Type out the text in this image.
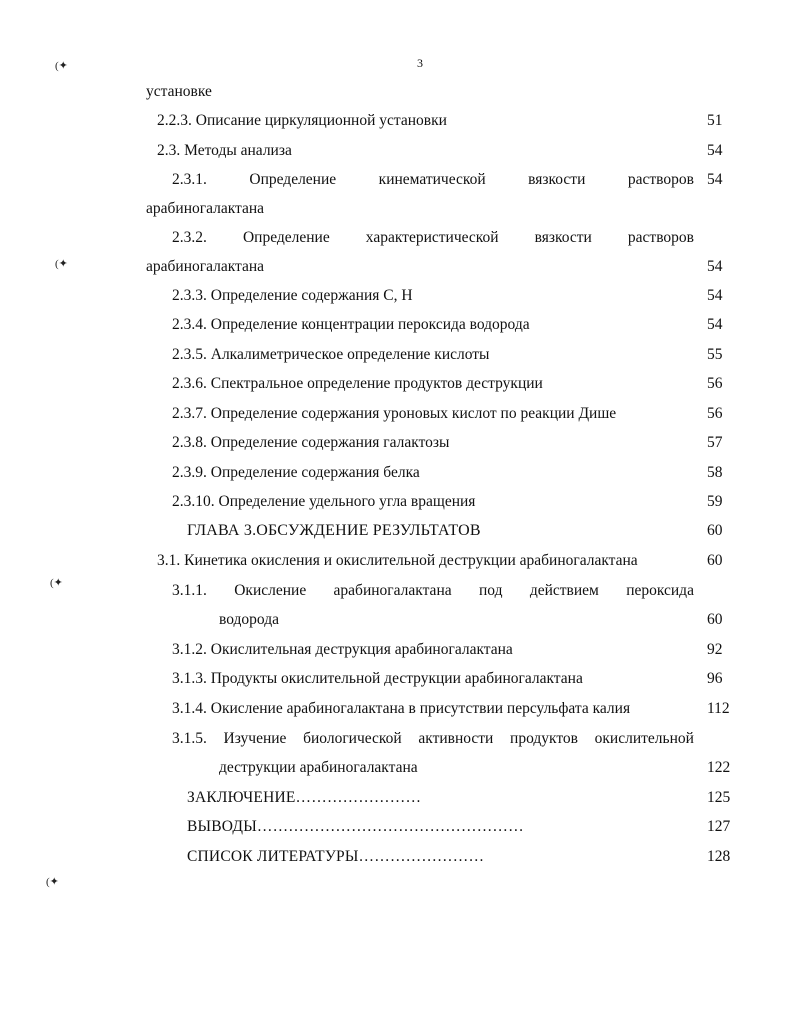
3
(✦
(✦
(✦
(✦
установке
2.2.3. Описание циркуляционной установки	51
2.3. Методы анализа	54
2.3.1.	Определение	кинематической	вязкости	растворов 54
арабиногалактана
2.3.2. Определение характеристической вязкости растворов
арабиногалактана	54
2.3.3. Определение содержания С, Н	54
2.3.4. Определение концентрации пероксида водорода	54
2.3.5. Алкалиметрическое определение кислоты	55
2.3.6. Спектральное определение продуктов деструкции	56
2.3.7. Определение содержания уроновых кислот по реакции Дише	56
2.3.8. Определение содержания галактозы	57
2.3.9. Определение содержания белка	58
2.3.10. Определение удельного угла вращения	59
ГЛАВА 3.ОБСУЖДЕНИЕ РЕЗУЛЬТАТОВ	60
3.1. Кинетика окисления и окислительной деструкции арабиногалактана	60
3.1.1. Окисление арабиногалактана под действием пероксида
водорода	60
3.1.2. Окислительная деструкция арабиногалактана	92
3.1.3. Продукты окислительной деструкции арабиногалактана	96
3.1.4. Окисление арабиногалактана в присутствии персульфата калия	112
3.1.5. Изучение биологической активности продуктов окислительной
деструкции арабиногалактана	122
ЗАКЛЮЧЕНИЕ……………………	125
ВЫВОДЫ……………………………………………	127
СПИСОК ЛИТЕРАТУРЫ……………………	128
